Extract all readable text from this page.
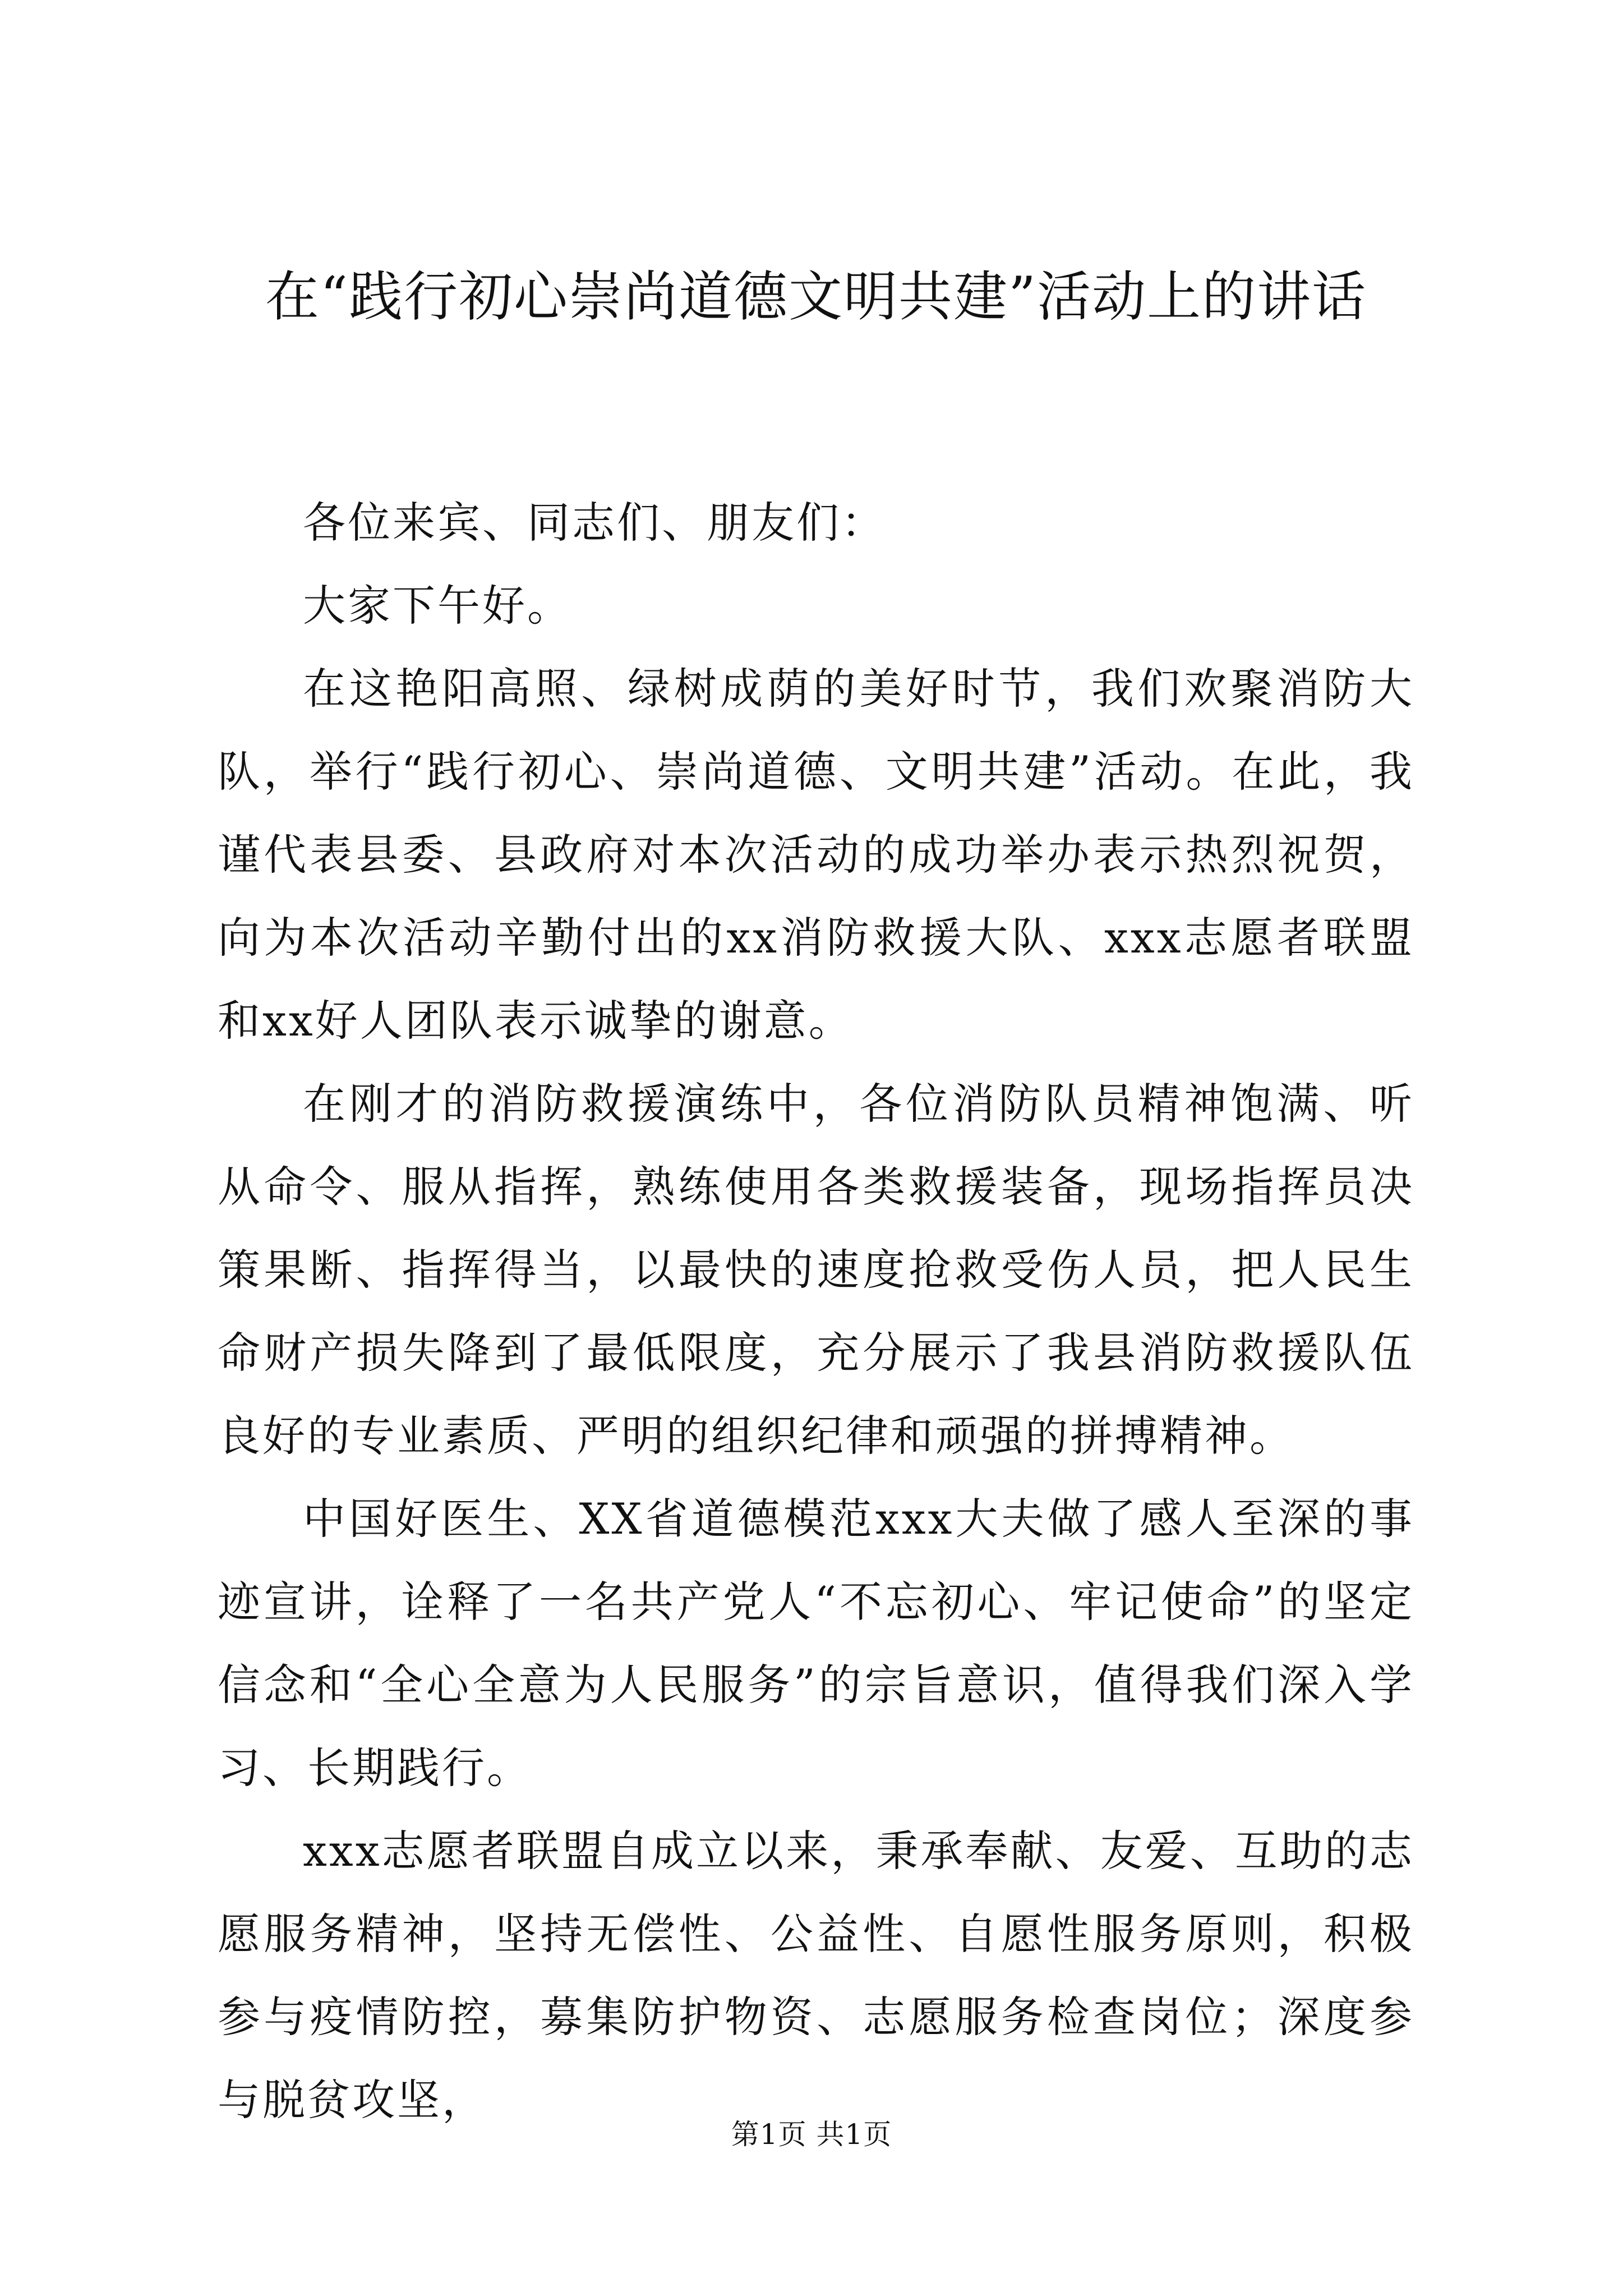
在“践行初心崇尚道德文明共建”活动上的讲话

各位来宾、同志们、朋友们：

大家下午好。

在这艳阳高照、绿树成荫的美好时节，我们欢聚消防大队，举行“践行初心、崇尚道德、文明共建”活动。在此，我谨代表县委、县政府对本次活动的成功举办表示热烈祝贺，向为本次活动辛勤付出的xx消防救援大队、xxx志愿者联盟和xx好人团队表示诚挚的谢意。

在刚才的消防救援演练中，各位消防队员精神饱满、听从命令、服从指挥，熟练使用各类救援装备，现场指挥员决策果断、指挥得当，以最快的速度抢救受伤人员，把人民生命财产损失降到了最低限度，充分展示了我县消防救援队伍良好的专业素质、严明的组织纪律和顽强的拼搏精神。

中国好医生、XX省道德模范xxx大夫做了感人至深的事迹宣讲，诠释了一名共产党人“不忘初心、牢记使命”的坚定信念和“全心全意为人民服务”的宗旨意识，值得我们深入学习、长期践行。

xxx志愿者联盟自成立以来，秉承奉献、友爱、互助的志愿服务精神，坚持无偿性、公益性、自愿性服务原则，积极参与疫情防控，募集防护物资、志愿服务检查岗位；深度参与脱贫攻坚，

第1页 共1页
